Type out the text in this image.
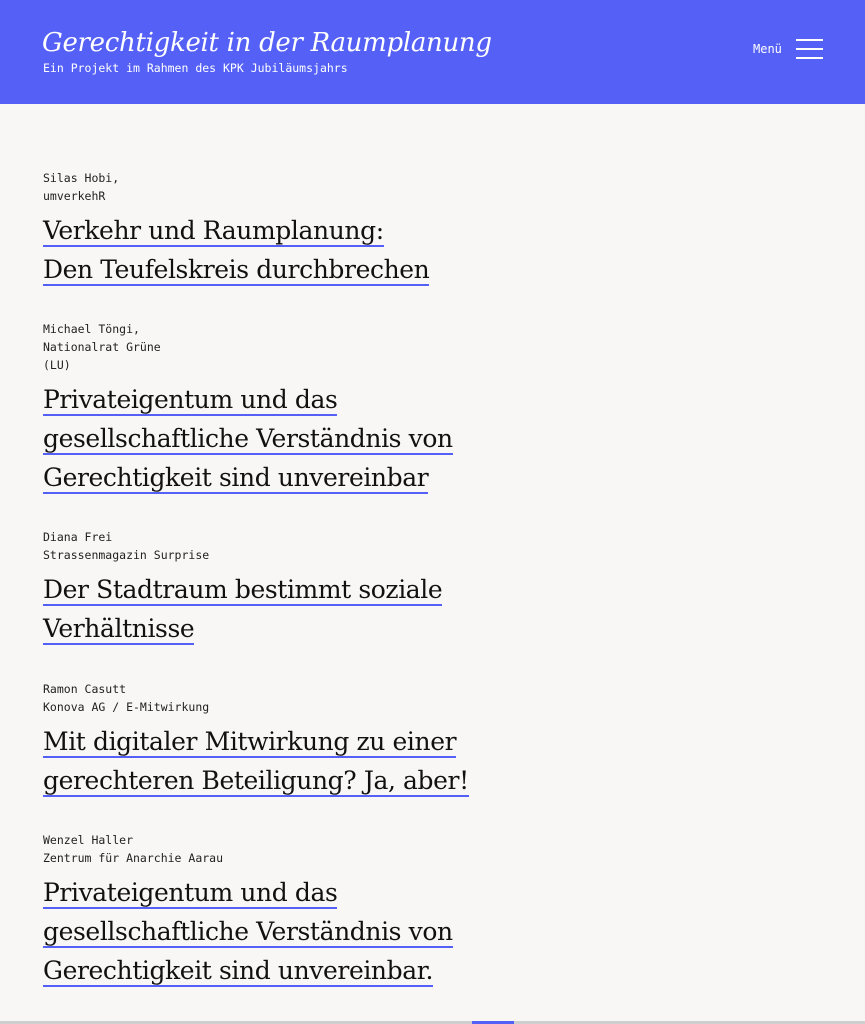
Gerechtigkeit in der Raumplanung
Ein Projekt im Rahmen des KPK Jubiläumsjahrs
Menü
Silas Hobi,
umverkehR
Verkehr und Raumplanung:
Den Teufelskreis durchbrechen
Michael Töngi,
Nationalrat Grüne
(LU)
Privateigentum und das
gesellschaftliche Verständnis von
Gerechtigkeit sind unvereinbar
Diana Frei
Strassenmagazin Surprise
Der Stadtraum bestimmt soziale
Verhältnisse
Ramon Casutt
Konova AG / E-Mitwirkung
Mit digitaler Mitwirkung zu einer
gerechteren Beteiligung? Ja, aber!
Wenzel Haller
Zentrum für Anarchie Aarau
Privateigentum und das
gesellschaftliche Verständnis von
Gerechtigkeit sind unvereinbar.
